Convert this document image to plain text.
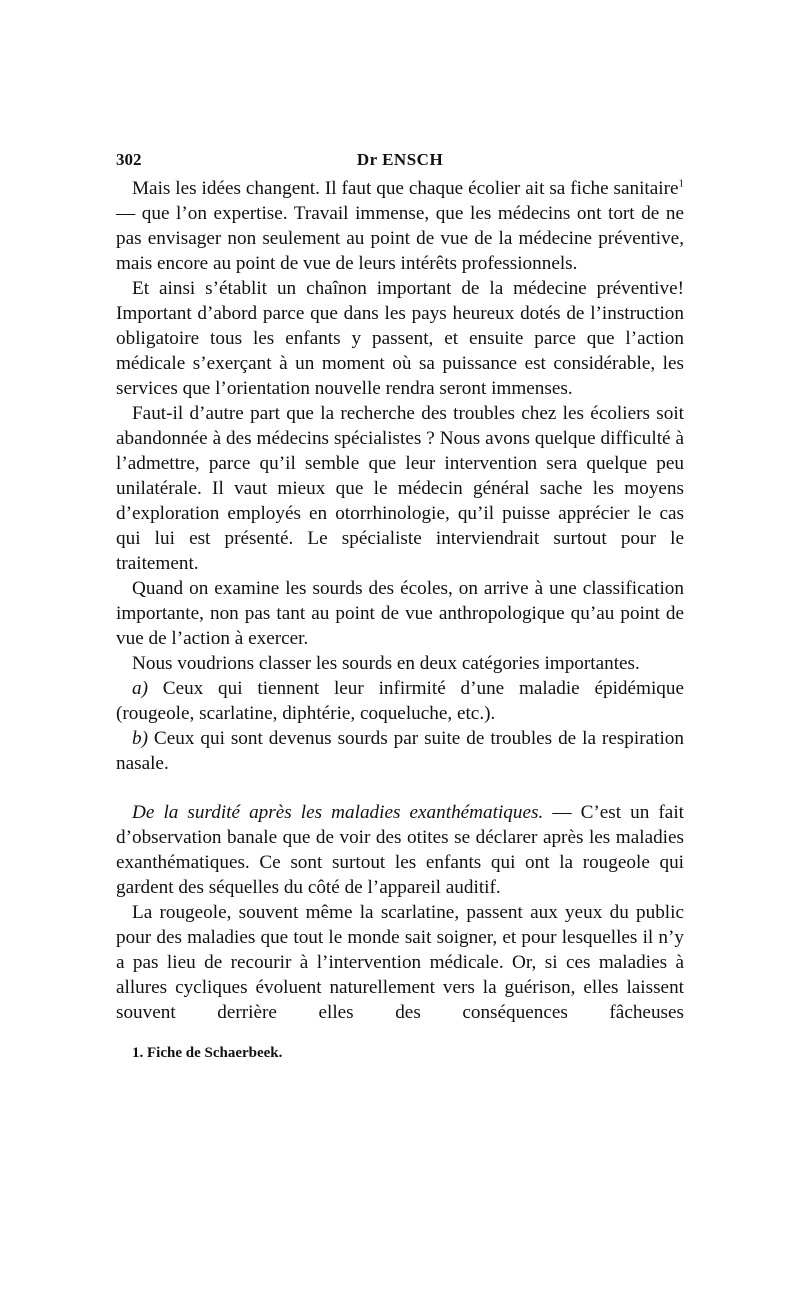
302	Dr ENSCH

Mais les idées changent. Il faut que chaque écolier ait sa fiche sanitaire$^1$ — que l’on expertise. Travail immense, que les médecins ont tort de ne pas envisager non seulement au point de vue de la médecine préventive, mais encore au point de vue de leurs intérêts professionnels.

Et ainsi s’établit un chaînon important de la médecine préventive! Important d’abord parce que dans les pays heureux dotés de l’instruction obligatoire tous les enfants y passent, et ensuite parce que l’action médicale s’exerçant à un moment où sa puissance est considérable, les services que l’orientation nouvelle rendra seront immenses.

Faut-il d’autre part que la recherche des troubles chez les écoliers soit abandonnée à des médecins spécialistes ? Nous avons quelque difficulté à l’admettre, parce qu’il semble que leur intervention sera quelque peu unilatérale. Il vaut mieux que le médecin général sache les moyens d’exploration employés en otorrhinologie, qu’il puisse apprécier le cas qui lui est présenté. Le spécialiste interviendrait surtout pour le traitement.

Quand on examine les sourds des écoles, on arrive à une classification importante, non pas tant au point de vue anthropologique qu’au point de vue de l’action à exercer.

Nous voudrions classer les sourds en deux catégories importantes.

a) Ceux qui tiennent leur infirmité d’une maladie épidémique (rougeole, scarlatine, diphtérie, coqueluche, etc.).

b) Ceux qui sont devenus sourds par suite de troubles de la respiration nasale.

De la surdité après les maladies exanthématiques. — C’est un fait d’observation banale que de voir des otites se déclarer après les maladies exanthématiques. Ce sont surtout les enfants qui ont la rougeole qui gardent des séquelles du côté de l’appareil auditif.

La rougeole, souvent même la scarlatine, passent aux yeux du public pour des maladies que tout le monde sait soigner, et pour lesquelles il n’y a pas lieu de recourir à l’intervention médicale. Or, si ces maladies à allures cycliques évoluent naturellement vers la guérison, elles laissent souvent derrière elles des conséquences fâcheuses

1. Fiche de Schaerbeek.
